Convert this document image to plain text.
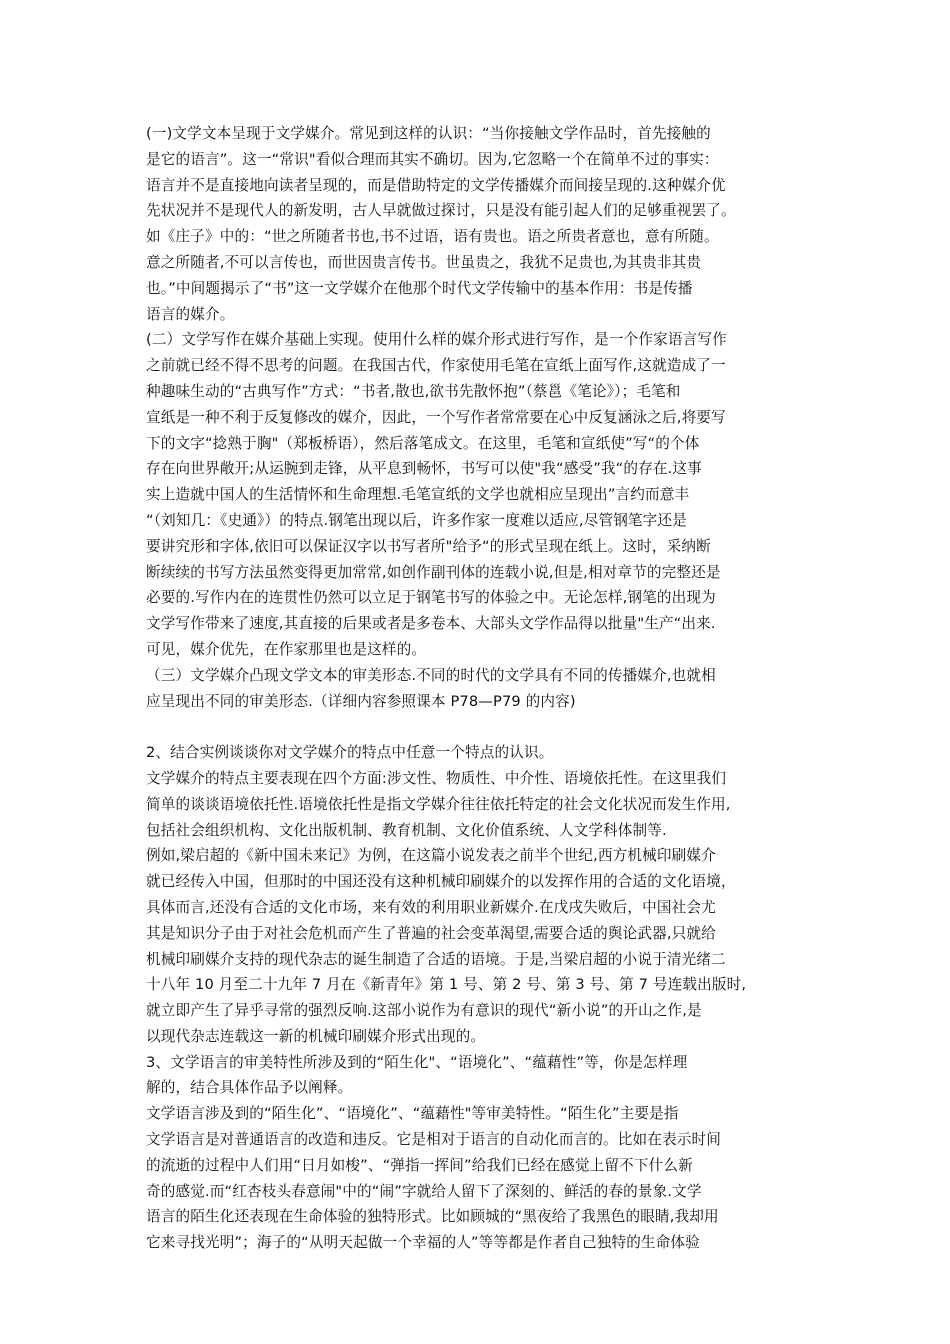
(一)文学文本呈现于文学媒介。常见到这样的认识：“当你接触文学作品时，首先接触的
是它的语言”。这一“常识"看似合理而其实不确切。因为,它忽略一个在简单不过的事实：
语言并不是直接地向读者呈现的，而是借助特定的文学传播媒介而间接呈现的.这种媒介优
先状况并不是现代人的新发明，古人早就做过探讨，只是没有能引起人们的足够重视罢了。
如《庄子》中的：“世之所随者书也,书不过语，语有贵也。语之所贵者意也，意有所随。
意之所随者,不可以言传也，而世因贵言传书。世虽贵之，我犹不足贵也,为其贵非其贵
也。”中间题揭示了“书”这一文学媒介在他那个时代文学传输中的基本作用：书是传播
语言的媒介。
(二）文学写作在媒介基础上实现。使用什么样的媒介形式进行写作，是一个作家语言写作
之前就已经不得不思考的问题。在我国古代，作家使用毛笔在宣纸上面写作,这就造成了一
种趣味生动的“古典写作”方式：“书者,散也,欲书先散怀抱”（蔡邕《笔论》）；毛笔和
宣纸是一种不利于反复修改的媒介，因此，一个写作者常常要在心中反复涵泳之后,将要写
下的文字“捻熟于胸"（郑板桥语），然后落笔成文。在这里，毛笔和宣纸使”写“的个体
存在向世界敞开;从运腕到走锋，从平息到畅怀，书写可以使"我“感受”我“的存在.这事
实上造就中国人的生活情怀和生命理想.毛笔宣纸的文学也就相应呈现出”言约而意丰
“（刘知几：《史通》）的特点.钢笔出现以后，许多作家一度难以适应,尽管钢笔字还是
要讲究形和字体,依旧可以保证汉字以书写者所"给予“的形式呈现在纸上。这时，采纳断
断续续的书写方法虽然变得更加常常,如创作副刊体的连载小说,但是,相对章节的完整还是
必要的.写作内在的连贯性仍然可以立足于钢笔书写的体验之中。无论怎样,钢笔的出现为
文学写作带来了速度,其直接的后果或者是多卷本、大部头文学作品得以批量"生产“出来.
可见，媒介优先，在作家那里也是这样的。
（三）文学媒介凸现文学文本的审美形态.不同的时代的文学具有不同的传播媒介,也就相
应呈现出不同的审美形态.（详细内容参照课本 P78—P79 的内容)
2、结合实例谈谈你对文学媒介的特点中任意一个特点的认识。
文学媒介的特点主要表现在四个方面:涉文性、物质性、中介性、语境依托性。在这里我们
简单的谈谈语境依托性.语境依托性是指文学媒介往往依托特定的社会文化状况而发生作用,
包括社会组织机构、文化出版机制、教育机制、文化价值系统、人文学科体制等.
例如,梁启超的《新中国未来记》为例，在这篇小说发表之前半个世纪,西方机械印刷媒介
就已经传入中国，但那时的中国还没有这种机械印刷媒介的以发挥作用的合适的文化语境，
具体而言,还没有合适的文化市场，来有效的利用职业新媒介.在戊戌失败后，中国社会尤
其是知识分子由于对社会危机而产生了普遍的社会变革渴望,需要合适的舆论武器,只就给
机械印刷媒介支持的现代杂志的诞生制造了合适的语境。于是,当梁启超的小说于清光绪二
十八年 10 月至二十九年 7 月在《新青年》第 1 号、第 2 号、第 3 号、第 7 号连载出版时,
就立即产生了异乎寻常的强烈反响.这部小说作为有意识的现代“新小说”的开山之作,是
以现代杂志连载这一新的机械印刷媒介形式出现的。
3、文学语言的审美特性所涉及到的“陌生化"、“语境化”、“蕴藉性”等，你是怎样理
解的，结合具体作品予以阐释。
文学语言涉及到的“陌生化”、“语境化”、“蕴藉性"等审美特性。“陌生化”主要是指
文学语言是对普通语言的改造和违反。它是相对于语言的自动化而言的。比如在表示时间
的流逝的过程中人们用“日月如梭”、“弹指一挥间”给我们已经在感觉上留不下什么新
奇的感觉.而“红杏枝头春意闹"中的“闹”字就给人留下了深刻的、鲜活的春的景象.文学
语言的陌生化还表现在生命体验的独特形式。比如顾城的“黑夜给了我黑色的眼睛,我却用
它来寻找光明”；海子的“从明天起做一个幸福的人”等等都是作者自己独特的生命体验
